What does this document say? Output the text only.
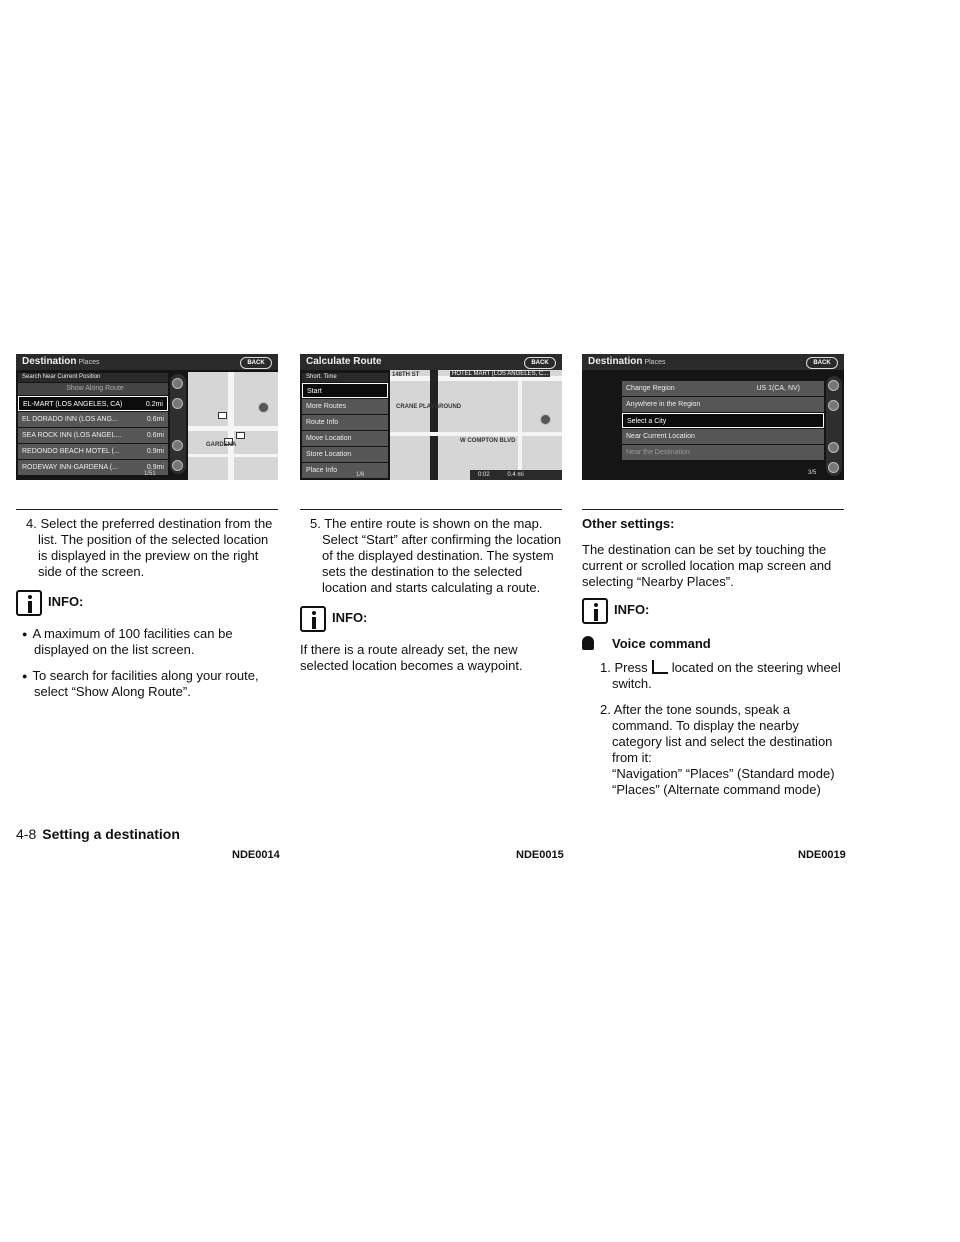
Destination Places	BACK
Search Near Current Position
Show Along Route
EL-MART (LOS ANGELES, CA)	0.2mi
EL DORADO INN (LOS ANG...	0.6mi
SEA ROCK INN (LOS ANGEL...	0.6mi
REDONDO BEACH MOTEL (...	0.9mi
RODEWAY INN-GARDENA (...	0.9mi
1/51
GARDENA
NDE0014
Calculate Route	BACK
148TH ST	HOTEL MART (LOS ANGELES, C...
CRANE PLAYGROUND
W COMPTON BLVD
0:02	0.4 mi
Short. Time
Start
More Routes
Route Info
Move Location
Store Location
Place Info
1/6
NDE0015
Destination Places	BACK
Change Region	US 1(CA, NV)
Anywhere in the Region
Select a City
Near Current Location
Near the Destination
3/5
NDE0019

4. Select the preferred destination from the list. The position of the selected location is displayed in the preview on the right side of the screen.

INFO:

● A maximum of 100 facilities can be displayed on the list screen.

● To search for facilities along your route, select “Show Along Route”.

5. The entire route is shown on the map. Select “Start” after confirming the location of the displayed destination. The system sets the destination to the selected location and starts calculating a route.

INFO:

If there is a route already set, the new selected location becomes a waypoint.

Other settings:

The destination can be set by touching the current or scrolled location map screen and selecting “Nearby Places”.

INFO:

Voice command

1. Press located on the steering wheel switch.

2. After the tone sounds, speak a command. To display the nearby category list and select the destination from it:

“Navigation” “Places” (Standard mode)

“Places” (Alternate command mode)

4-8 Setting a destination
